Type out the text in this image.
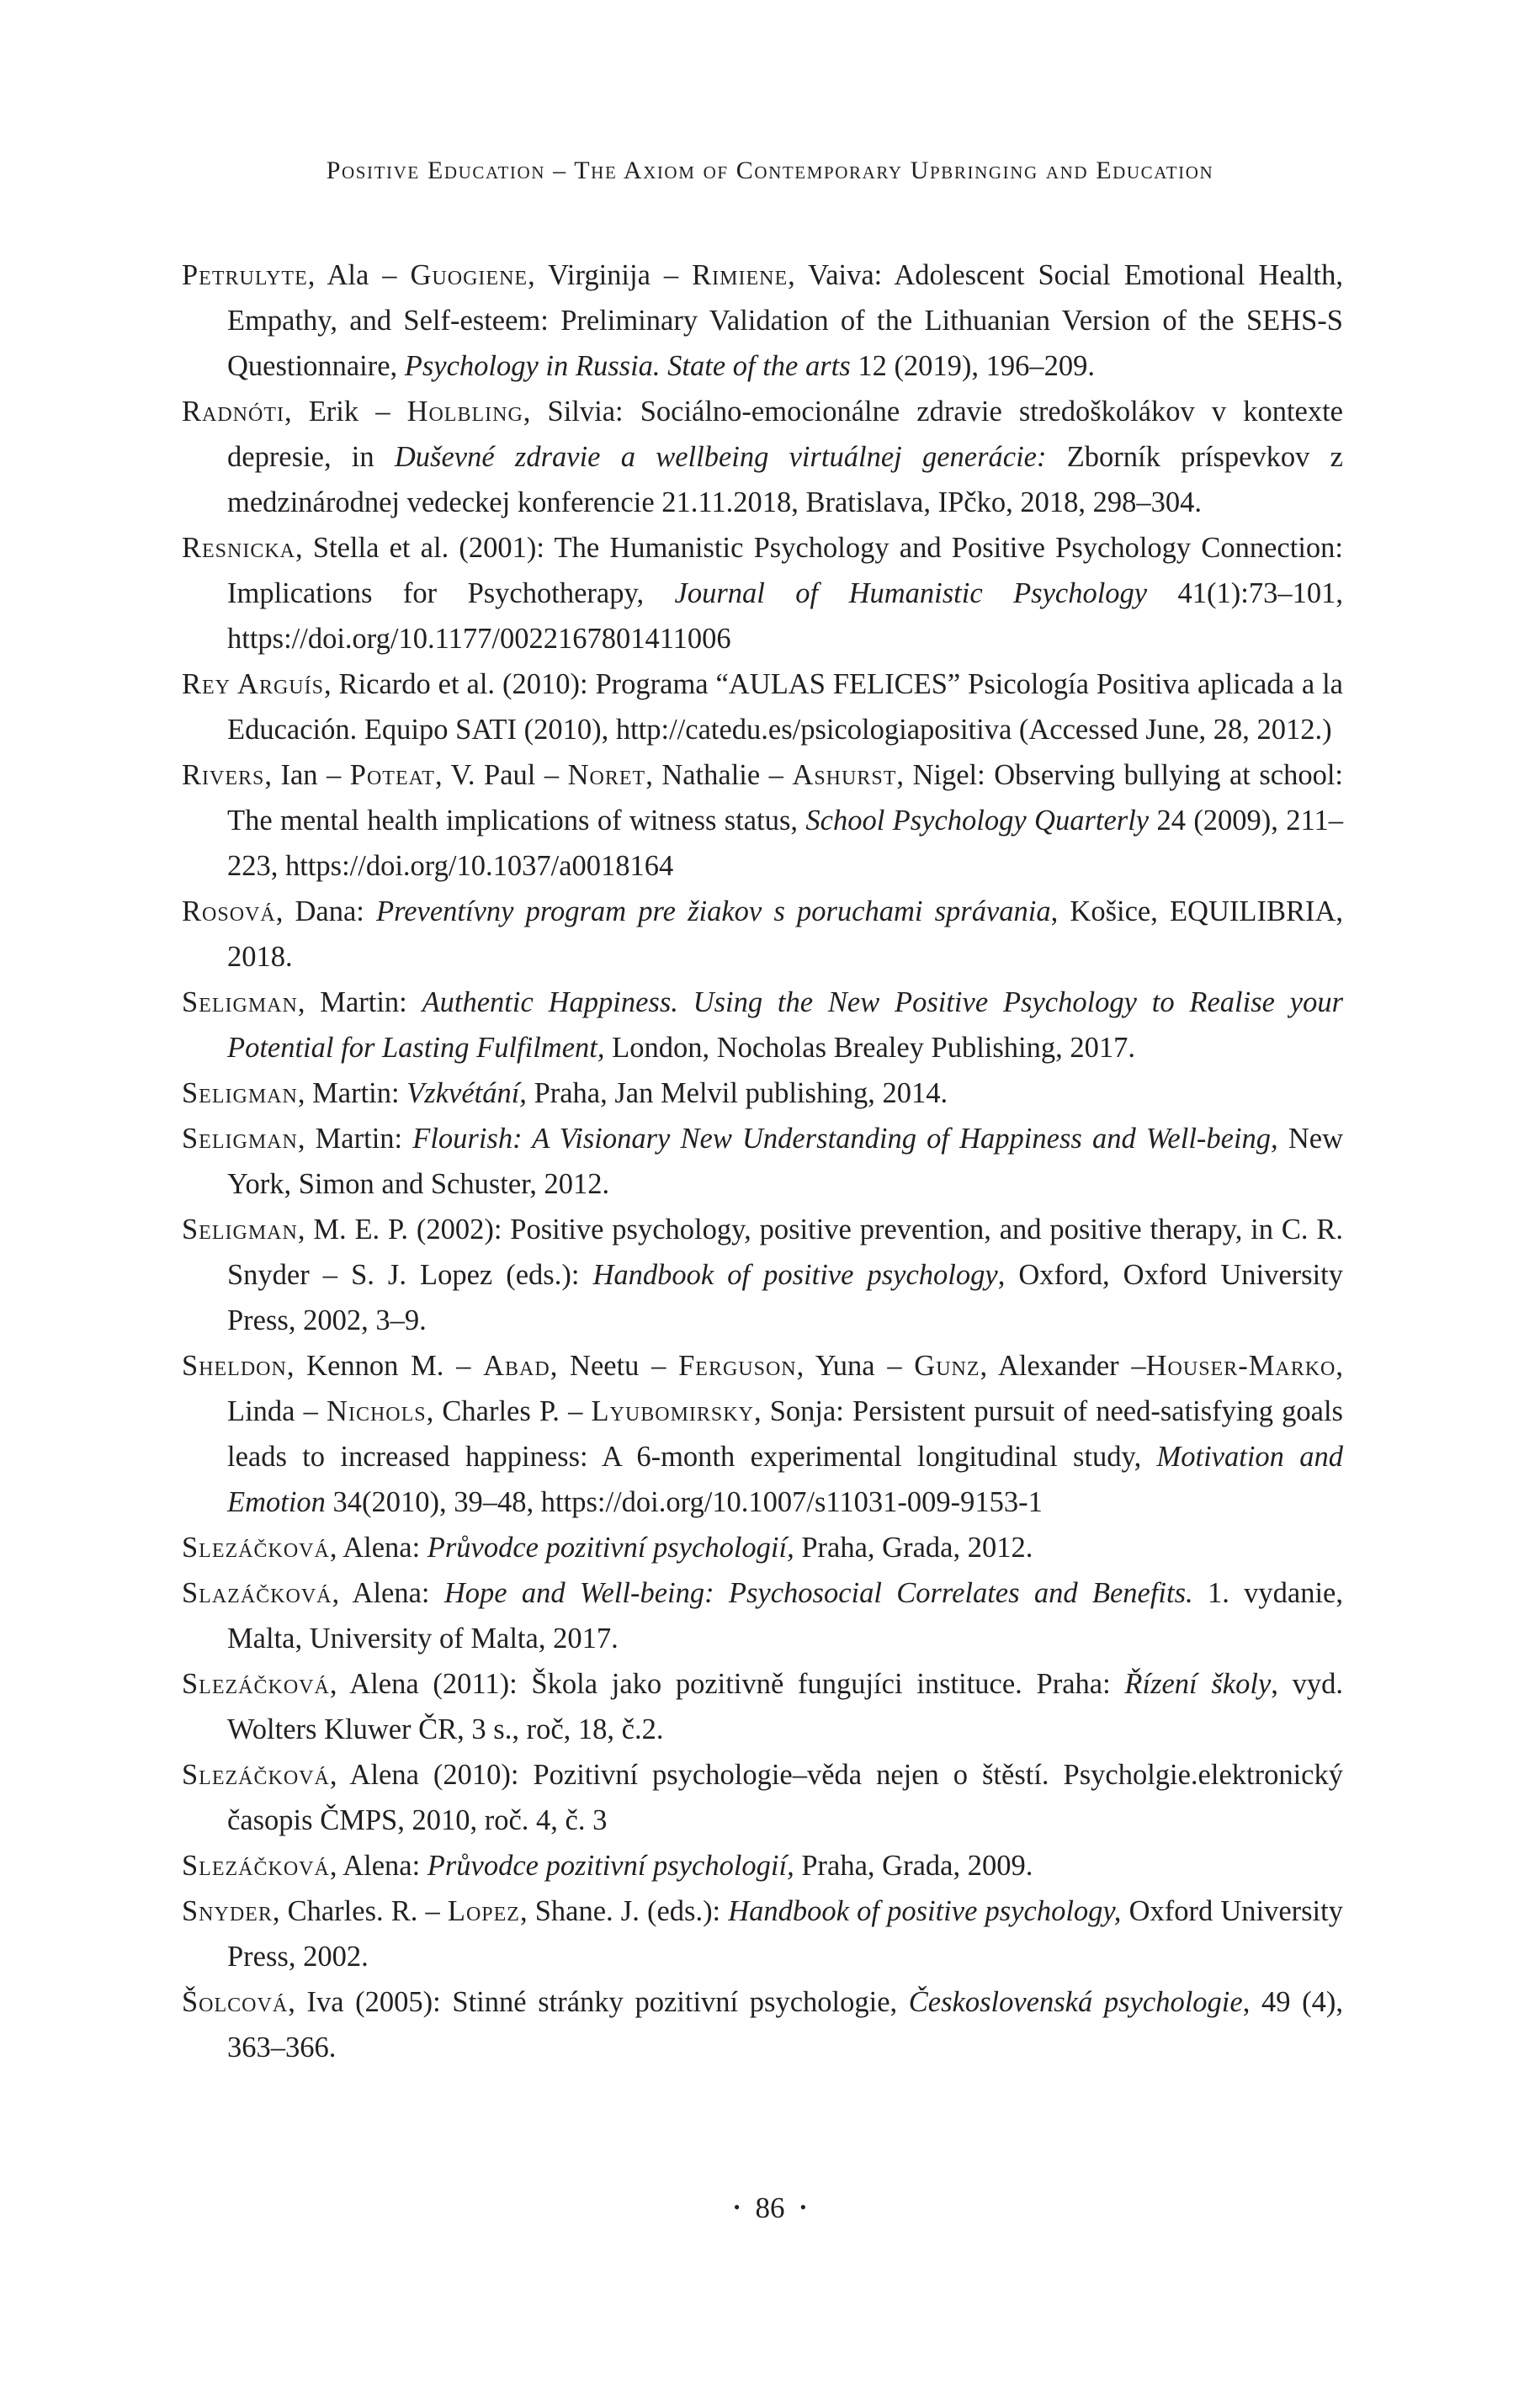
Positive Education – The Axiom of Contemporary Upbringing and Education

Petrulyte, Ala – Guogiene, Virginija – Rimiene, Vaiva: Adolescent Social Emotional Health, Empathy, and Self-esteem: Preliminary Validation of the Lithuanian Version of the SEHS-S Questionnaire, Psychology in Russia. State of the arts 12 (2019), 196–209.

Radnóti, Erik – Holbling, Silvia: Sociálno-emocionálne zdravie stredoškolákov v kontexte depresie, in Duševné zdravie a wellbeing virtuálnej generácie: Zborník príspevkov z medzinárodnej vedeckej konferencie 21.11.2018, Bratislava, IPčko, 2018, 298–304.

Resnicka, Stella et al. (2001): The Humanistic Psychology and Positive Psychology Connection: Implications for Psychotherapy, Journal of Humanistic Psychology 41(1):73–101, https://doi.org/10.1177/0022167801411006

Rey Arguís, Ricardo et al. (2010): Programa “AULAS FELICES” Psicología Positiva aplicada a la Educación. Equipo SATI (2010), http://catedu.es/psicologiapositiva (Accessed June, 28, 2012.)

Rivers, Ian – Poteat, V. Paul – Noret, Nathalie – Ashurst, Nigel: Observing bullying at school: The mental health implications of witness status, School Psychology Quarterly 24 (2009), 211–223, https://doi.org/10.1037/a0018164

Rosová, Dana: Preventívny program pre žiakov s poruchami správania, Košice, EQUILIBRIA, 2018.

Seligman, Martin: Authentic Happiness. Using the New Positive Psychology to Realise your Potential for Lasting Fulfilment, London, Nocholas Brealey Publishing, 2017.

Seligman, Martin: Vzkvétání, Praha, Jan Melvil publishing, 2014.

Seligman, Martin: Flourish: A Visionary New Understanding of Happiness and Well-being, New York, Simon and Schuster, 2012.

Seligman, M. E. P. (2002): Positive psychology, positive prevention, and positive therapy, in C. R. Snyder – S. J. Lopez (eds.): Handbook of positive psychology, Oxford, Oxford University Press, 2002, 3–9.

Sheldon, Kennon M. – Abad, Neetu – Ferguson, Yuna – Gunz, Alexander –Houser-Marko, Linda – Nichols, Charles P. – Lyubomirsky, Sonja: Persistent pursuit of need-satisfying goals leads to increased happiness: A 6-month experimental longitudinal study, Motivation and Emotion 34(2010), 39–48, https://doi.org/10.1007/s11031-009-9153-1

Slezáčková, Alena: Průvodce pozitivní psychologií, Praha, Grada, 2012.

Slazáčková, Alena: Hope and Well-being: Psychosocial Correlates and Benefits. 1. vydanie, Malta, University of Malta, 2017.

Slezáčková, Alena (2011): Škola jako pozitivně fungujíci instituce. Praha: Řízení školy, vyd. Wolters Kluwer ČR, 3 s., roč, 18, č.2.

Slezáčková, Alena (2010): Pozitivní psychologie–věda nejen o štěstí. Psycholgie.elektronický časopis ČMPS, 2010, roč. 4, č. 3

Slezáčková, Alena: Průvodce pozitivní psychologií, Praha, Grada, 2009.

Snyder, Charles. R. – Lopez, Shane. J. (eds.): Handbook of positive psychology, Oxford University Press, 2002.

Šolcová, Iva (2005): Stinné stránky pozitivní psychologie, Československá psychologie, 49 (4), 363–366.

• 86 •
